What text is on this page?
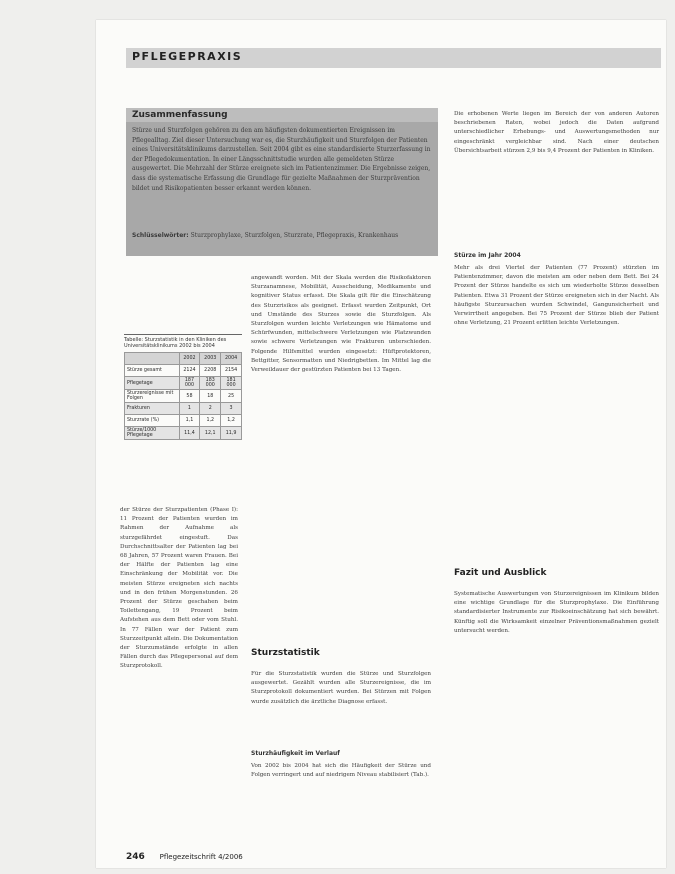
PFLEGEPRAXIS
Zusammenfassung
Stürze und Sturzfolgen gehören zu den am häufigsten dokumentierten Ereignissen im Pflegealltag. Ziel dieser Untersuchung war es, die Sturzhäufigkeit und Sturzfolgen der Patienten eines Universitätsklinikums darzustellen. Seit 2004 gibt es eine standardisierte Sturzerfassung in der Pflegedokumentation. In einer Längsschnittstudie wurden alle gemeldeten Stürze ausgewertet. Die Mehrzahl der Stürze ereignete sich im Patientenzimmer. Die Ergebnisse zeigen, dass die systematische Erfassung die Grundlage für gezielte Maßnahmen der Sturzprävention bildet und Risikopatienten besser erkannt werden können.
Schlüsselwörter: Sturzprophylaxe, Sturzfolgen, Sturzrate, Pflegepraxis, Krankenhaus
Tabelle: Sturzstatistik in den Kliniken des Universitätsklinikums 2002 bis 2004
	2002	2003	2004
Stürze gesamt	2124	2208	2154
Pflegetage	187 000	183 000	181 000
Sturzereignisse mit Folgen	58	18	25
Frakturen	1	2	3
Sturzrate (%)	1,1	1,2	1,2
Stürze/1000 Pflegetage	11,4	12,1	11,9
der Stürze der Sturzpatienten (Phase I): 11 Prozent der Patienten wurden im Rahmen der Aufnahme als sturzgefährdet eingestuft. Das Durchschnittsalter der Patienten lag bei 68 Jahren, 57 Prozent waren Frauen. Bei der Hälfte der Patienten lag eine Einschränkung der Mobilität vor. Die meisten Stürze ereigneten sich nachts und in den frühen Morgenstunden. 26 Prozent der Stürze geschahen beim Toilettengang, 19 Prozent beim Aufstehen aus dem Bett oder vom Stuhl. In 77 Fällen war der Patient zum Sturzzeitpunkt allein. Die Dokumentation der Sturzumstände erfolgte in allen Fällen durch das Pflegepersonal auf dem Sturzprotokoll.
angewandt worden. Mit der Skala werden die Risikofaktoren Sturzanamnese, Mobilität, Ausscheidung, Medikamente und kognitiver Status erfasst. Die Skala gilt für die Einschätzung des Sturzrisikos als geeignet. Erfasst wurden Zeitpunkt, Ort und Umstände des Sturzes sowie die Sturzfolgen. Als Sturzfolgen wurden leichte Verletzungen wie Hämatome und Schürfwunden, mittelschwere Verletzungen wie Platzwunden sowie schwere Verletzungen wie Frakturen unterschieden. Folgende Hilfsmittel wurden eingesetzt: Hüftprotektoren, Bettgitter, Sensormatten und Niedrigbetten. Im Mittel lag die Verweildauer der gestürzten Patienten bei 13 Tagen.
Sturzstatistik
Für die Sturzstatistik wurden die Stürze und Sturzfolgen ausgewertet. Gezählt wurden alle Sturzereignisse, die im Sturzprotokoll dokumentiert wurden. Bei Stürzen mit Folgen wurde zusätzlich die ärztliche Diagnose erfasst.
Sturzhäufigkeit im Verlauf
Von 2002 bis 2004 hat sich die Häufigkeit der Stürze und Folgen verringert und auf niedrigem Niveau stabilisiert (Tab.).
Die erhobenen Werte liegen im Bereich der von anderen Autoren beschriebenen Raten, wobei jedoch die Daten aufgrund unterschiedlicher Erhebungs- und Auswertungsmethoden nur eingeschränkt vergleichbar sind. Nach einer deutschen Übersichtsarbeit stürzen 2,9 bis 9,4 Prozent der Patienten in Kliniken.
Stürze im Jahr 2004
Mehr als drei Viertel der Patienten (77 Prozent) stürzten im Patientenzimmer, davon die meisten am oder neben dem Bett. Bei 24 Prozent der Stürze handelte es sich um wiederholte Stürze desselben Patienten. Etwa 31 Prozent der Stürze ereigneten sich in der Nacht. Als häufigste Sturzursachen wurden Schwindel, Gangunsicherheit und Verwirrtheit angegeben. Bei 75 Prozent der Stürze blieb der Patient ohne Verletzung, 21 Prozent erlitten leichte Verletzungen.
Fazit und Ausblick
Systematische Auswertungen von Sturzereignissen im Klinikum bilden eine wichtige Grundlage für die Sturzprophylaxe. Die Einführung standardisierter Instrumente zur Risikoeinschätzung hat sich bewährt. Künftig soll die Wirksamkeit einzelner Präventionsmaßnahmen gezielt untersucht werden.
246 Pflegezeitschrift 4/2006
